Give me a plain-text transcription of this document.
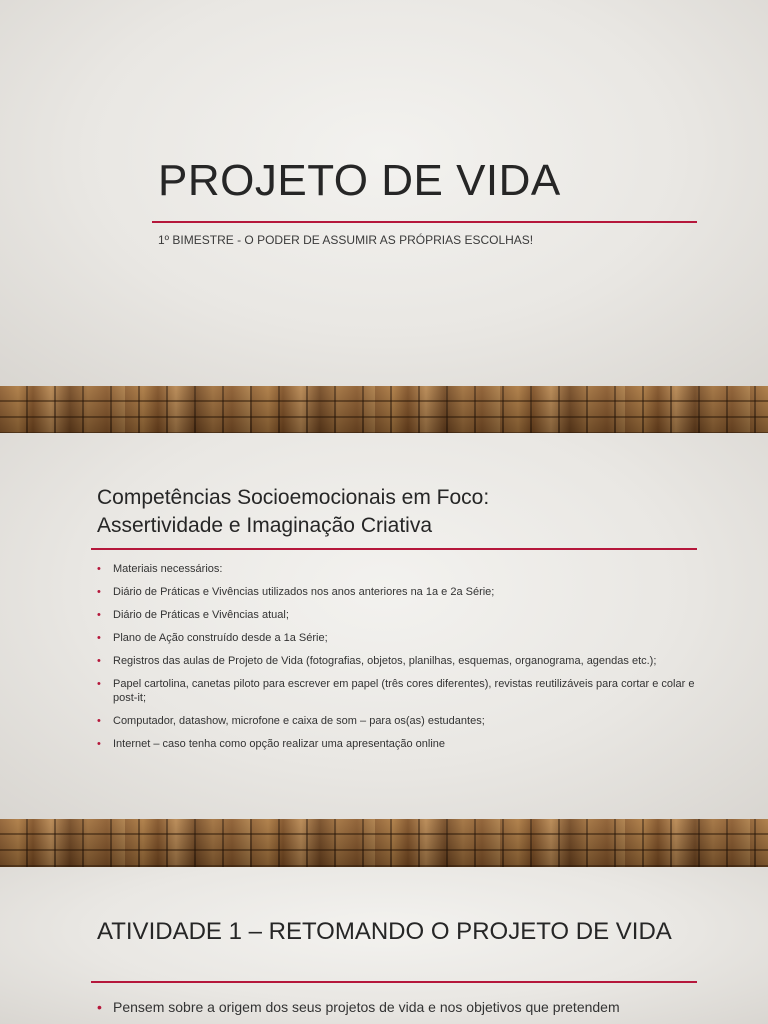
PROJETO DE VIDA
1º BIMESTRE - O PODER DE ASSUMIR AS PRÓPRIAS ESCOLHAS!
Competências Socioemocionais em Foco:
Assertividade e Imaginação Criativa
• Materiais necessários:
• Diário de Práticas e Vivências utilizados nos anos anteriores na 1a e 2a Série;
• Diário de Práticas e Vivências atual;
• Plano de Ação construído desde a 1a Série;
• Registros das aulas de Projeto de Vida (fotografias, objetos, planilhas, esquemas, organograma, agendas etc.);
• Papel cartolina, canetas piloto para escrever em papel (três cores diferentes), revistas reutilizáveis para cortar e colar e post-it;
• Computador, datashow, microfone e caixa de som – para os(as) estudantes;
• Internet – caso tenha como opção realizar uma apresentação online
ATIVIDADE 1 – RETOMANDO O PROJETO DE VIDA
• Pensem sobre a origem dos seus projetos de vida e nos objetivos que pretendem
